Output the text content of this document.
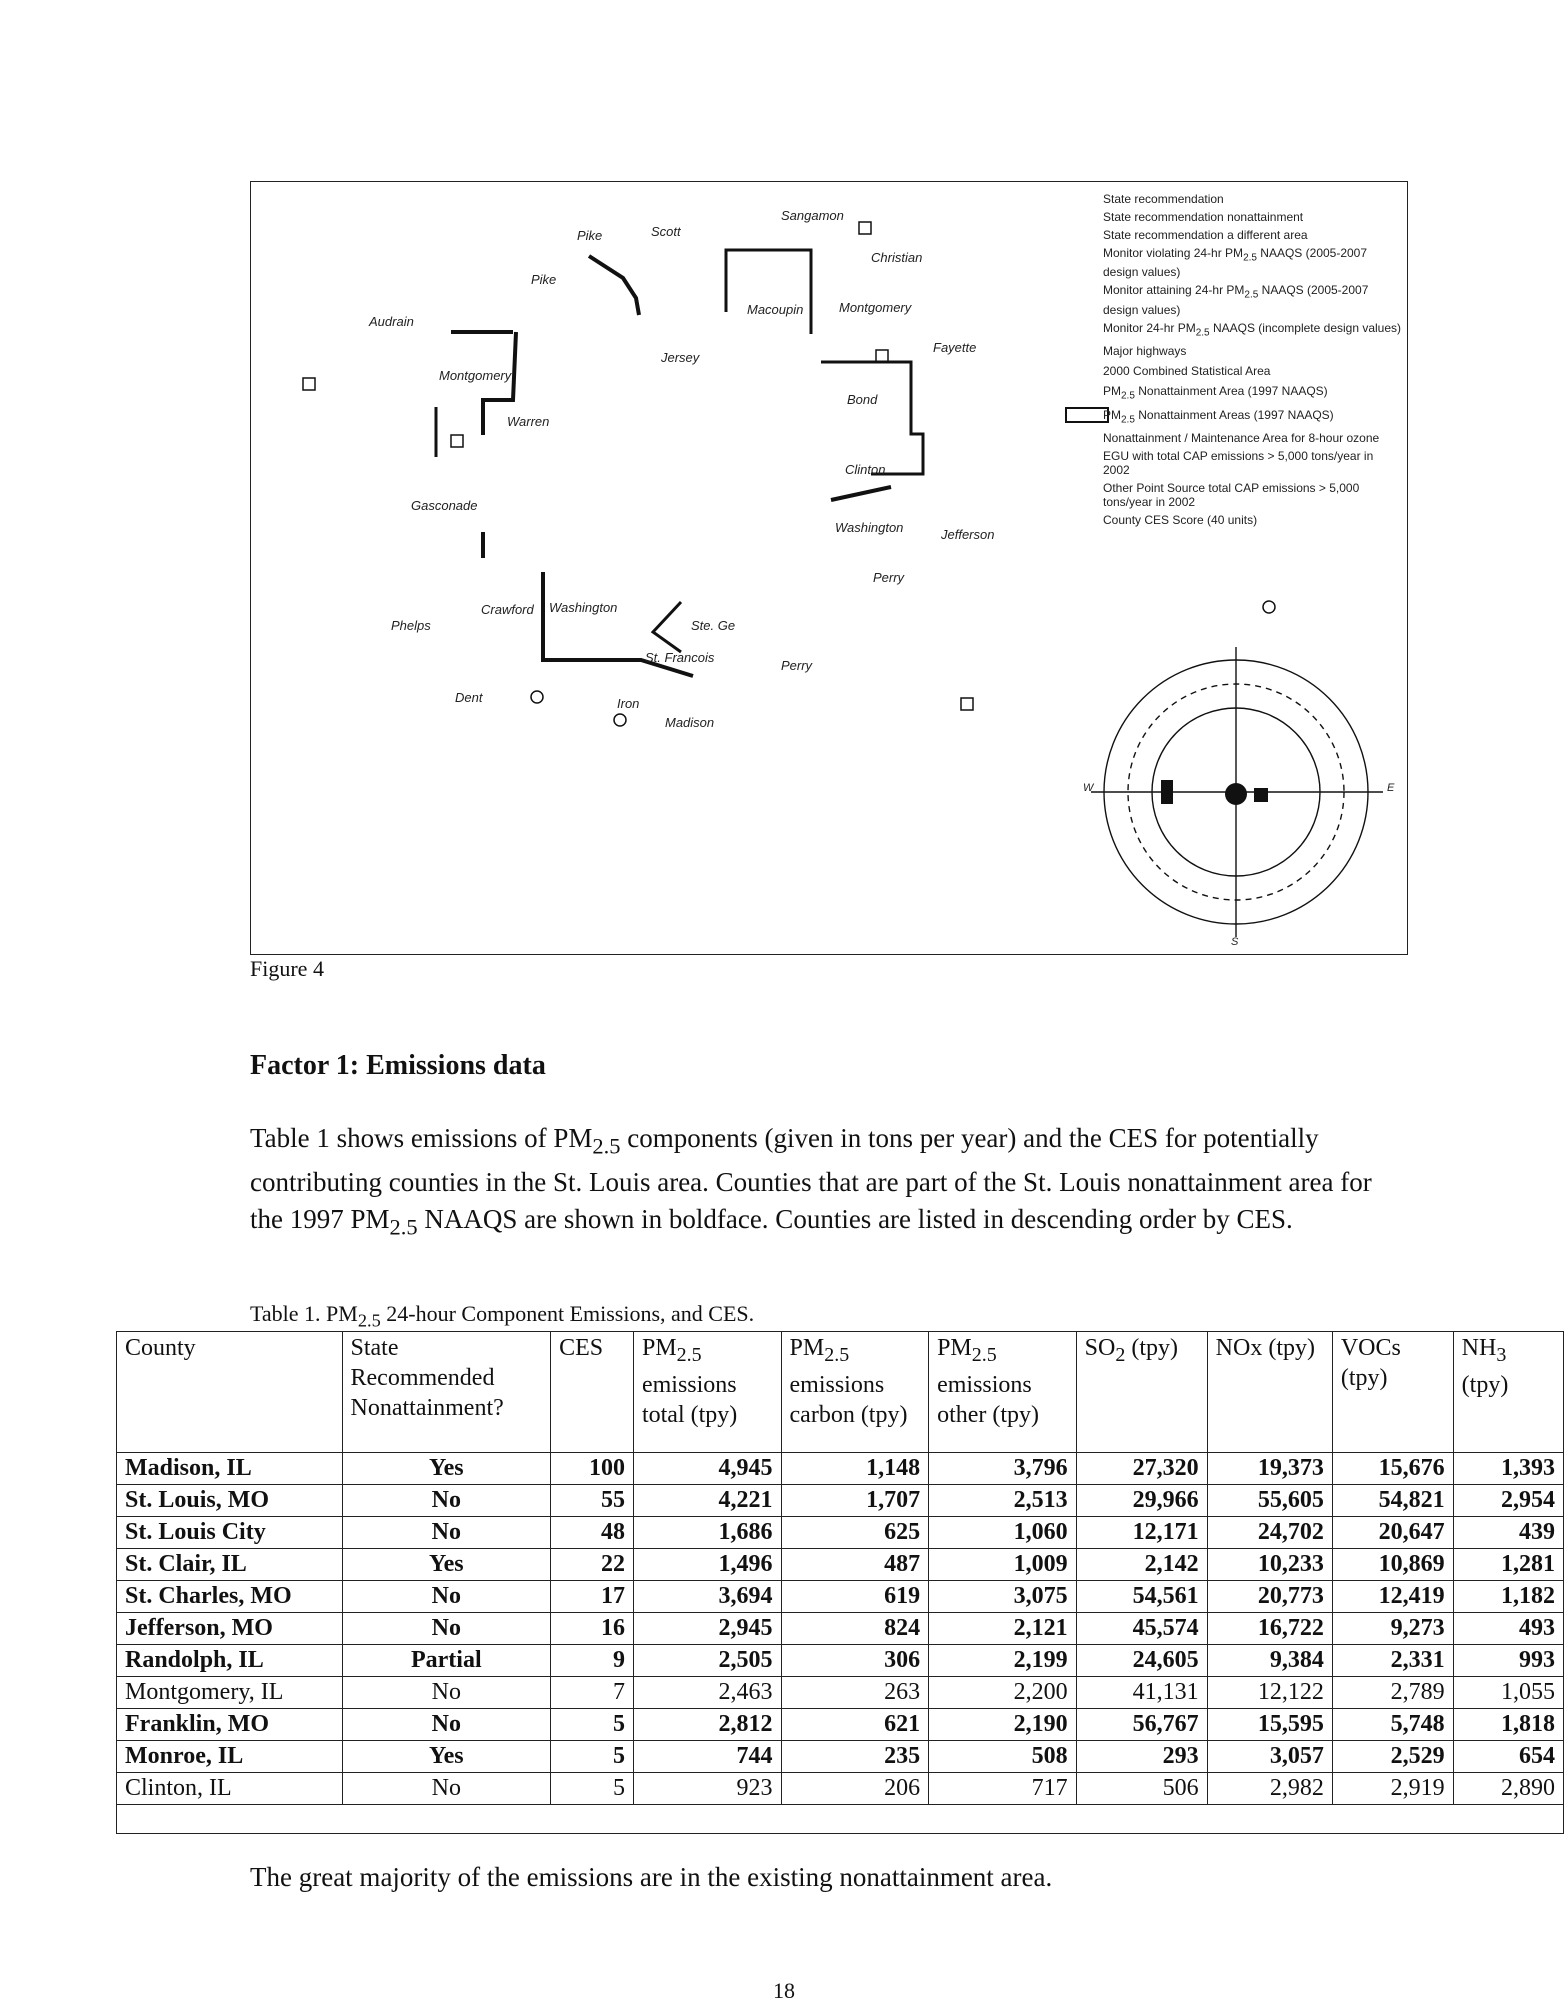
Sangamon
Christian
Pike	Scott
Pike
Audrain
Montgomery
Macoupin	Montgomery
Fayette
Jersey
Bond
Warren
Clinton
Gasconade
Washington	Jefferson
Perry
Crawford Washington
Ste. Ge
Phelps
St. Francois
Perry
Dent	Iron
Madison
State recommendation
State recommendation nonattainment
State recommendation a different area
Monitor violating 24-hr $PM_{2.5}$ NAAQS (2005-2007 design values)
Monitor attaining 24-hr $PM_{2.5}$ NAAQS (2005-2007 design values)
Monitor 24-hr $PM_{2.5}$ NAAQS (incomplete design values)
Major highways
2000 Combined Statistical Area
$PM_{2.5}$ Nonattainment Area (1997 NAAQS)
$PM_{2.5}$ Nonattainment Areas (1997 NAAQS)
Nonattainment / Maintenance Area for 8-hour ozone
EGU with total CAP emissions > 5,000 tons/year in 2002
Other Point Source total CAP emissions > 5,000 tons/year in 2002
County CES Score (40 units)
W	E
S
Figure 4
Factor 1: Emissions data
Table 1 shows emissions of $PM_{2.5}$ components (given in tons per year) and the CES for potentially contributing counties in the St. Louis area. Counties that are part of the St. Louis nonattainment area for the 1997 $PM_{2.5}$ NAAQS are shown in boldface. Counties are listed in descending order by CES.
Table 1. $PM_{2.5}$ 24-hour Component Emissions, and CES.
County	State Recommended Nonattainment?	CES	$PM_{2.5}$ emissions total (tpy)	$PM_{2.5}$ emissions carbon (tpy)	$PM_{2.5}$ emissions other (tpy)	$SO_2$ (tpy)	NOx (tpy)	VOCs (tpy)	$NH_3$ (tpy)
Madison, IL	Yes	100	4,945	1,148	3,796	27,320	19,373	15,676	1,393
St. Louis, MO	No	55	4,221	1,707	2,513	29,966	55,605	54,821	2,954
St. Louis City	No	48	1,686	625	1,060	12,171	24,702	20,647	439
St. Clair, IL	Yes	22	1,496	487	1,009	2,142	10,233	10,869	1,281
St. Charles, MO	No	17	3,694	619	3,075	54,561	20,773	12,419	1,182
Jefferson, MO	No	16	2,945	824	2,121	45,574	16,722	9,273	493
Randolph, IL	Partial	9	2,505	306	2,199	24,605	9,384	2,331	993
Montgomery, IL	No	7	2,463	263	2,200	41,131	12,122	2,789	1,055
Franklin, MO	No	5	2,812	621	2,190	56,767	15,595	5,748	1,818
Monroe, IL	Yes	5	744	235	508	293	3,057	2,529	654
Clinton, IL	No	5	923	206	717	506	2,982	2,919	2,890

The great majority of the emissions are in the existing nonattainment area.
18
